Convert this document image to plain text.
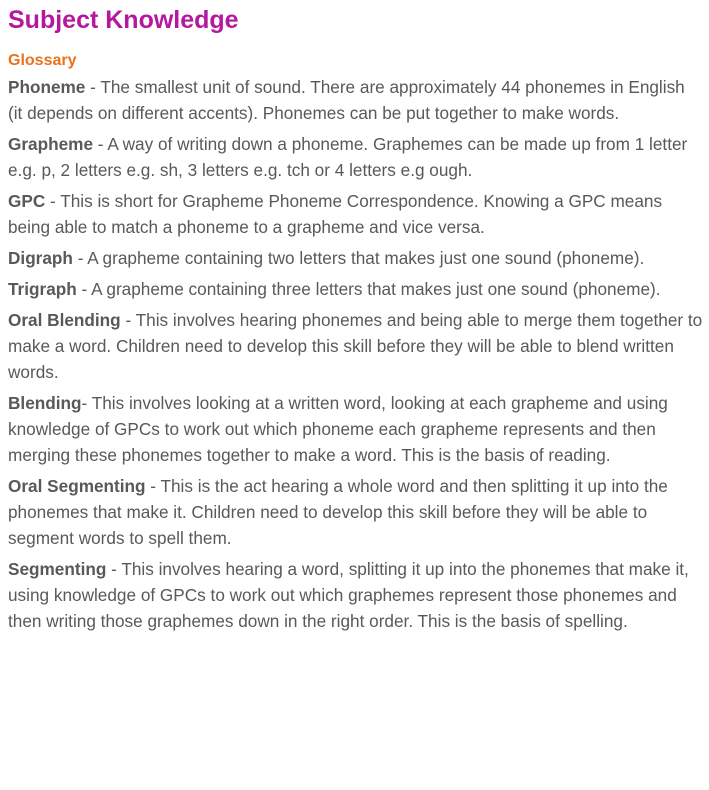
Subject Knowledge
Glossary

Phoneme - The smallest unit of sound. There are approximately 44 phonemes in English (it depends on different accents). Phonemes can be put together to make words.

Grapheme - A way of writing down a phoneme. Graphemes can be made up from 1 letter e.g. p, 2 letters e.g. sh, 3 letters e.g. tch or 4 letters e.g ough.

GPC - This is short for Grapheme Phoneme Correspondence. Knowing a GPC means being able to match a phoneme to a grapheme and vice versa.

Digraph - A grapheme containing two letters that makes just one sound (phoneme).

Trigraph - A grapheme containing three letters that makes just one sound (phoneme).

Oral Blending - This involves hearing phonemes and being able to merge them together to make a word. Children need to develop this skill before they will be able to blend written words.

Blending- This involves looking at a written word, looking at each grapheme and using knowledge of GPCs to work out which phoneme each grapheme represents and then merging these phonemes together to make a word. This is the basis of reading.

Oral Segmenting - This is the act hearing a whole word and then splitting it up into the phonemes that make it. Children need to develop this skill before they will be able to segment words to spell them.

Segmenting - This involves hearing a word, splitting it up into the phonemes that make it, using knowledge of GPCs to work out which graphemes represent those phonemes and then writing those graphemes down in the right order. This is the basis of spelling.
